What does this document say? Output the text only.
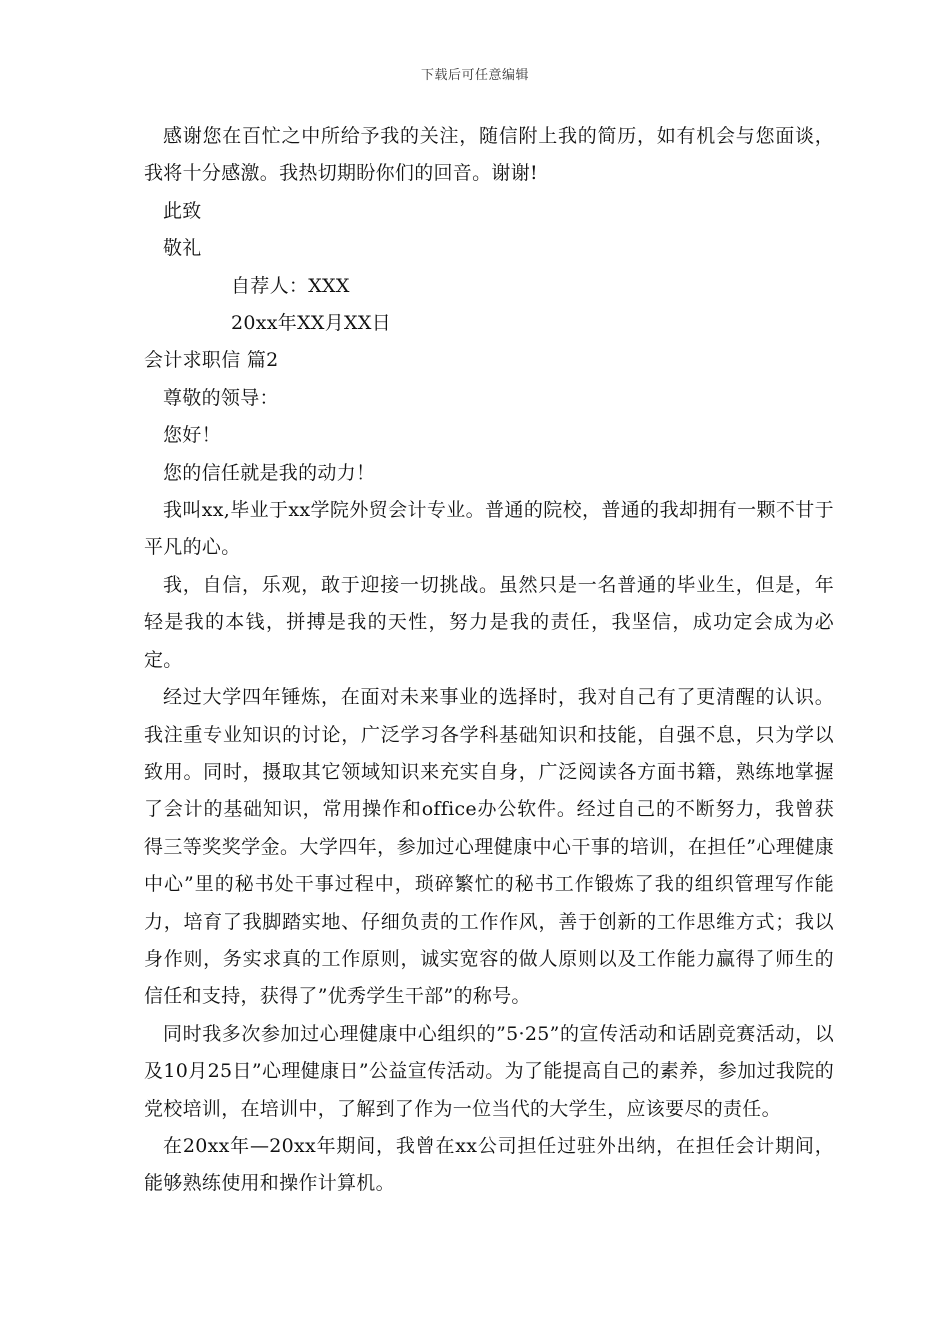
下载后可任意编辑

感谢您在百忙之中所给予我的关注，随信附上我的简历，如有机会与您面谈，我将十分感激。我热切期盼你们的回音。谢谢!

此致

敬礼

自荐人：XXX

20xx年XX月XX日

会计求职信 篇2

尊敬的领导：

您好！

您的信任就是我的动力！

我叫xx,毕业于xx学院外贸会计专业。普通的院校，普通的我却拥有一颗不甘于平凡的心。

我，自信，乐观，敢于迎接一切挑战。虽然只是一名普通的毕业生，但是，年轻是我的本钱，拼搏是我的天性，努力是我的责任，我坚信，成功定会成为必定。

经过大学四年锤炼，在面对未来事业的选择时，我对自己有了更清醒的认识。我注重专业知识的讨论，广泛学习各学科基础知识和技能，自强不息，只为学以致用。同时，摄取其它领域知识来充实自身，广泛阅读各方面书籍，熟练地掌握了会计的基础知识，常用操作和office办公软件。经过自己的不断努力，我曾获得三等奖奖学金。大学四年，参加过心理健康中心干事的培训，在担任”心理健康中心”里的秘书处干事过程中，琐碎繁忙的秘书工作锻炼了我的组织管理写作能力，培育了我脚踏实地、仔细负责的工作作风，善于创新的工作思维方式；我以身作则，务实求真的工作原则，诚实宽容的做人原则以及工作能力赢得了师生的信任和支持，获得了”优秀学生干部”的称号。

同时我多次参加过心理健康中心组织的”5·25”的宣传活动和话剧竞赛活动，以及10月25日”心理健康日”公益宣传活动。为了能提高自己的素养，参加过我院的党校培训，在培训中，了解到了作为一位当代的大学生，应该要尽的责任。

在20xx年—20xx年期间，我曾在xx公司担任过驻外出纳，在担任会计期间，能够熟练使用和操作计算机。
